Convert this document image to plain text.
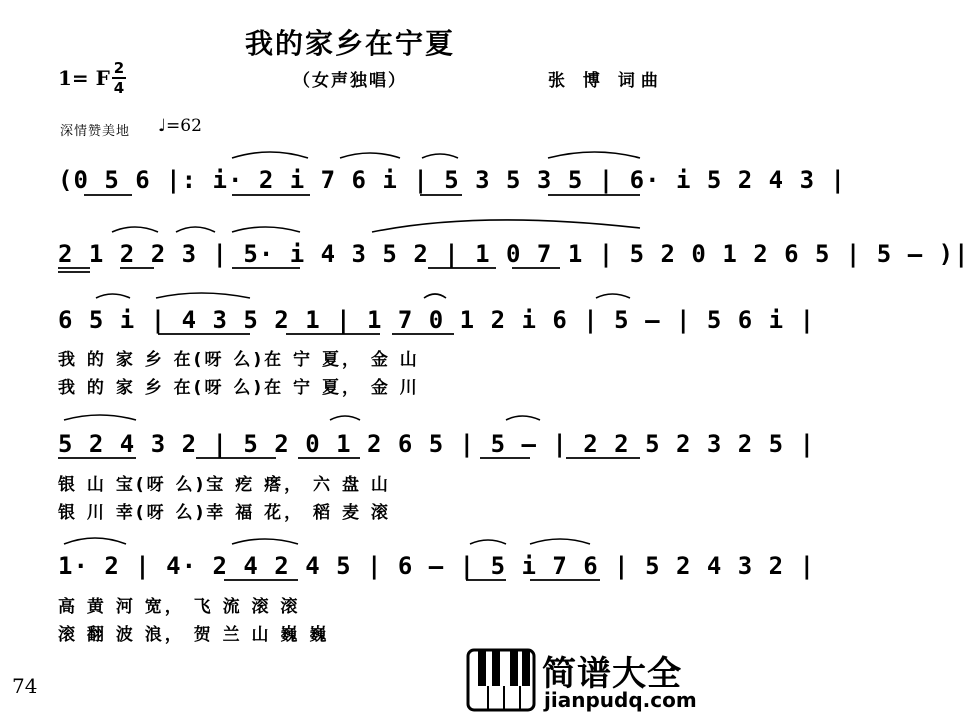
我的家乡在宁夏
（女声独唱）
1= F 2
4	张 博 词曲
深情赞美地 ♩=62
(0 5 6 |: i· 2 i 7 6 i | 5 3 5 3 5 | 6· i 5 2 4 3 |
2 1 2 2 3 | 5· i 4 3 5 2 | 1 0 7 1 | 5 2 0 1 2 6 5 | 5 – )|
6 5 i | 4 3 5 2 1 | 1 7 0 1 2 i 6 | 5 – | 5 6 i |
我 的 家 乡 在(呀 么)在 宁 夏， 金 山
我 的 家 乡 在(呀 么)在 宁 夏， 金 川
5 2 4 3 2 | 5 2 0 1 2 6 5 | 5 – | 2 2 5 2 3 2 5 |
银 山 宝(呀 么)宝 疙 瘩， 六 盘 山
银 川 幸(呀 么)幸 福 花， 稻 麦 滚
1· 2 | 4· 2 4 2 4 5 | 6 – | 5 i 7 6 | 5 2 4 3 2 |
高 黄 河 宽， 飞 流 滚 滚
滚 翻 波 浪， 贺 兰 山 巍 巍
74	简谱大全
jianpudq.com
